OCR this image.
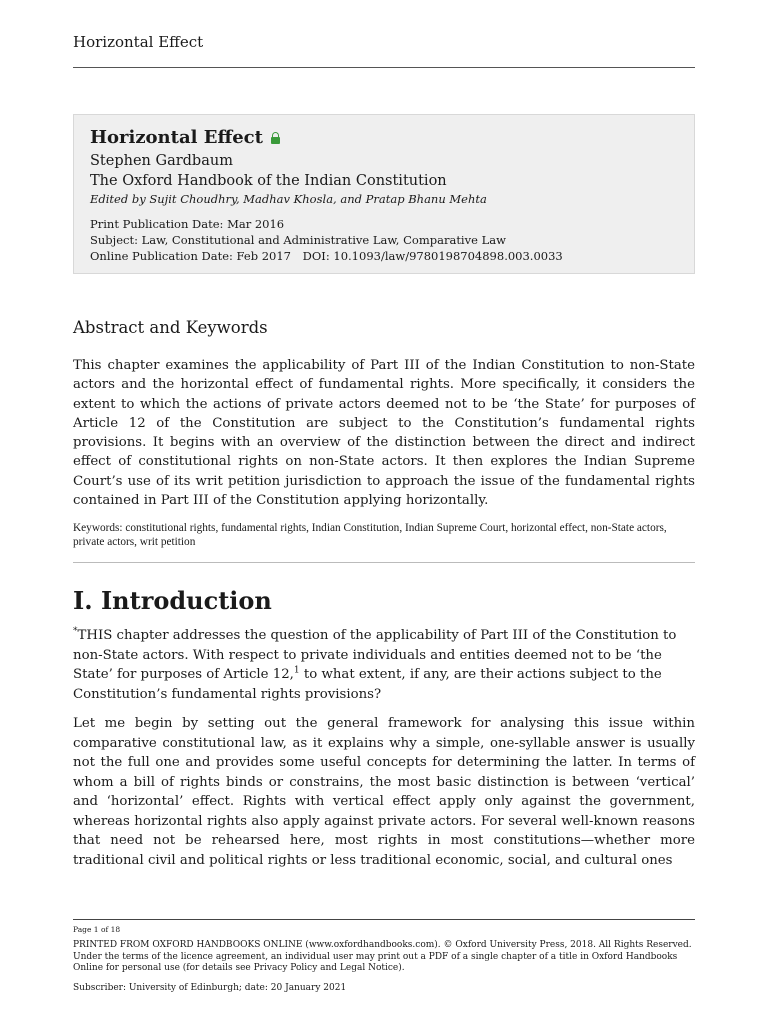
Horizontal Effect
Horizontal Effect
Stephen Gardbaum
The Oxford Handbook of the Indian Constitution
Edited by Sujit Choudhry, Madhav Khosla, and Pratap Bhanu Mehta
Print Publication Date: Mar 2016
Subject: Law, Constitutional and Administrative Law, Comparative Law
Online Publication Date: Feb 2017 DOI: 10.1093/law/9780198704898.003.0033
Abstract and Keywords
This chapter examines the applicability of Part III of the Indian Constitution to non-State actors and the horizontal effect of fundamental rights. More specifically, it considers the extent to which the actions of private actors deemed not to be ‘the State’ for purposes of Article 12 of the Constitution are subject to the Constitution’s fundamental rights provisions. It begins with an overview of the distinction between the direct and indirect effect of constitutional rights on non-State actors. It then explores the Indian Supreme Court’s use of its writ petition jurisdiction to approach the issue of the fundamental rights contained in Part III of the Constitution applying horizontally.
Keywords: constitutional rights, fundamental rights, Indian Constitution, Indian Supreme Court, horizontal effect, non-State actors, private actors, writ petition
I. Introduction
*THIS chapter addresses the question of the applicability of Part III of the Constitution to non-State actors. With respect to private individuals and entities deemed not to be ‘the State’ for purposes of Article 12,$^1$ to what extent, if any, are their actions subject to the Constitution’s fundamental rights provisions?
Let me begin by setting out the general framework for analysing this issue within comparative constitutional law, as it explains why a simple, one-syllable answer is usually not the full one and provides some useful concepts for determining the latter. In terms of whom a bill of rights binds or constrains, the most basic distinction is between ‘vertical’ and ‘horizontal’ effect. Rights with vertical effect apply only against the government, whereas horizontal rights also apply against private actors. For several well-known reasons that need not be rehearsed here, most rights in most constitutions—whether more traditional civil and political rights or less traditional economic, social, and cultural ones
Page 1 of 18
PRINTED FROM OXFORD HANDBOOKS ONLINE (www.oxfordhandbooks.com). © Oxford University Press, 2018. All Rights Reserved. Under the terms of the licence agreement, an individual user may print out a PDF of a single chapter of a title in Oxford Handbooks Online for personal use (for details see Privacy Policy and Legal Notice).
Subscriber: University of Edinburgh; date: 20 January 2021
